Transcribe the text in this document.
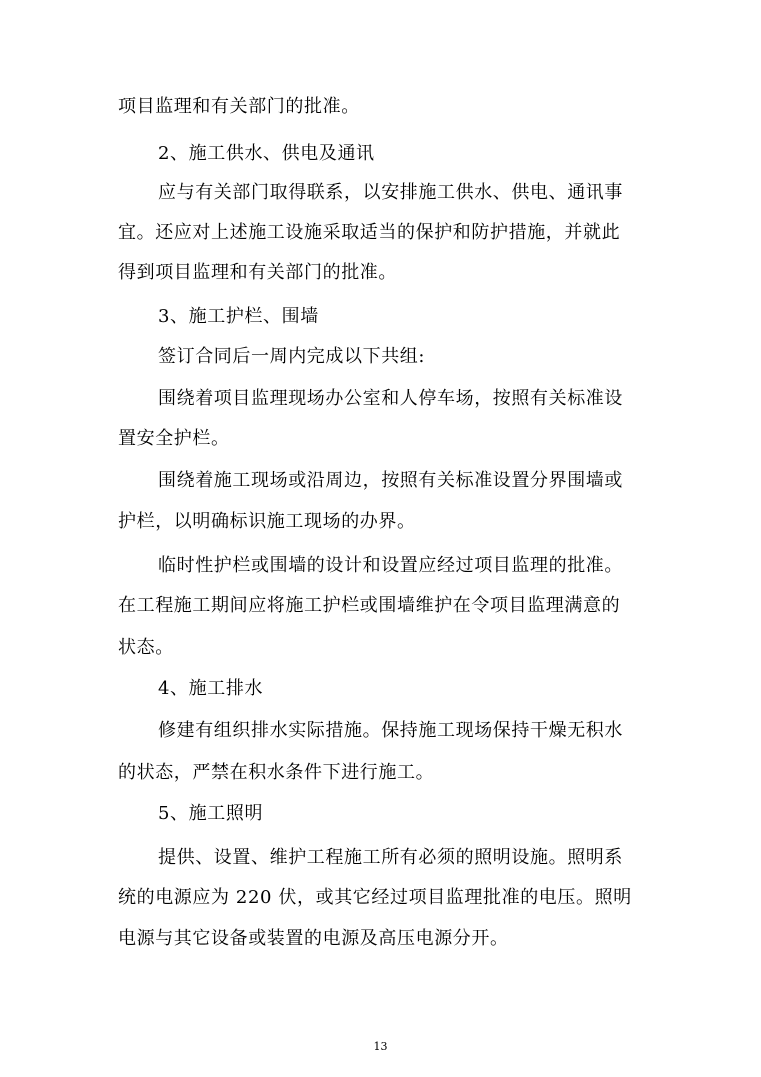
项目监理和有关部门的批准。
2、施工供水、供电及通讯
应与有关部门取得联系，以安排施工供水、供电、通讯事
宜。还应对上述施工设施采取适当的保护和防护措施，并就此
得到项目监理和有关部门的批准。
3、施工护栏、围墙
签订合同后一周内完成以下共组:
围绕着项目监理现场办公室和人停车场，按照有关标准设
置安全护栏。
围绕着施工现场或沿周边，按照有关标准设置分界围墙或
护栏，以明确标识施工现场的办界。
临时性护栏或围墙的设计和设置应经过项目监理的批准。
在工程施工期间应将施工护栏或围墙维护在令项目监理满意的
状态。
4、施工排水
修建有组织排水实际措施。保持施工现场保持干燥无积水
的状态，严禁在积水条件下进行施工。
5、施工照明
提供、设置、维护工程施工所有必须的照明设施。照明系
统的电源应为 220 伏，或其它经过项目监理批准的电压。照明
电源与其它设备或装置的电源及高压电源分开。
13
